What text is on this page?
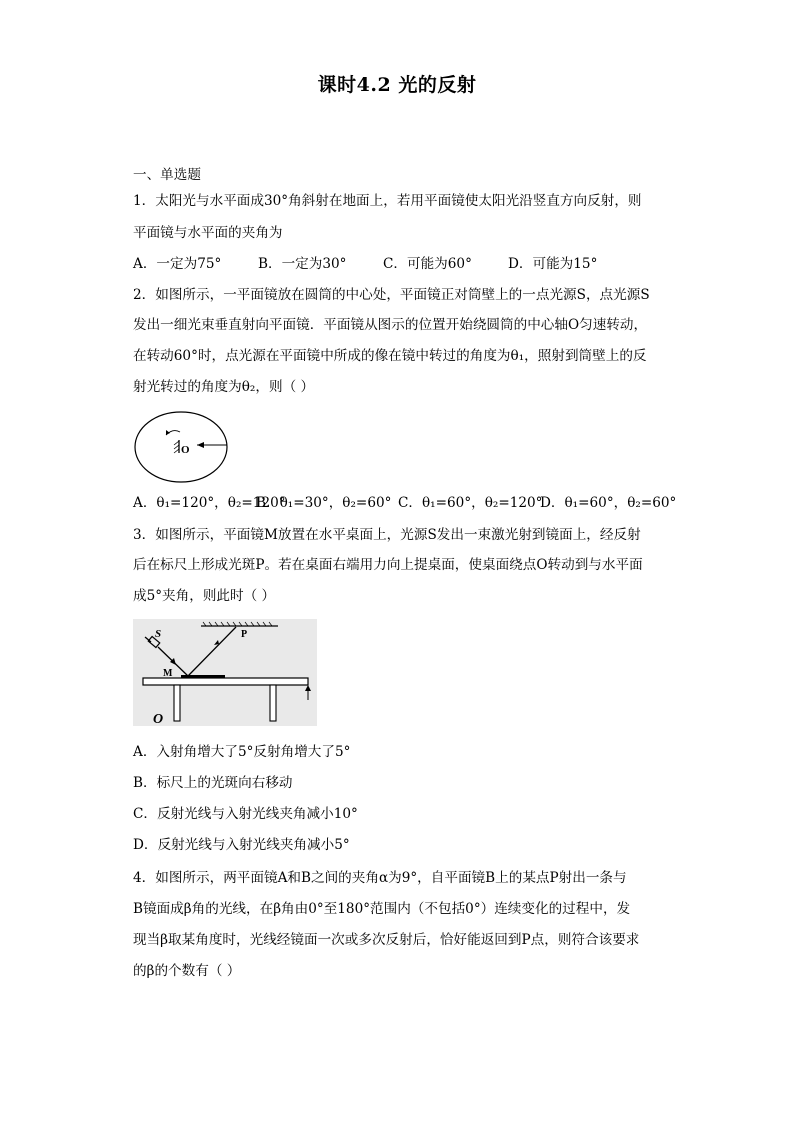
课时4.2 光的反射
一、单选题
1．太阳光与水平面成30°角斜射在地面上，若用平面镜使太阳光沿竖直方向反射，则
平面镜与水平面的夹角为
A．一定为75°	B．一定为30°	C．可能为60°	D．可能为15°
2．如图所示，一平面镜放在圆筒的中心处，平面镜正对筒壁上的一点光源S，点光源S
发出一细光束垂直射向平面镜．平面镜从图示的位置开始绕圆筒的中心轴O匀速转动，
在转动60°时，点光源在平面镜中所成的像在镜中转过的角度为θ₁，照射到筒壁上的反
射光转过的角度为θ₂，则（ ）
O
A．θ₁=120°，θ₂=120°B．θ₁=30°，θ₂=60° C．θ₁=60°，θ₂=120°D．θ₁=60°，θ₂=60°
3．如图所示，平面镜M放置在水平桌面上，光源S发出一束激光射到镜面上，经反射
后在标尺上形成光斑P。若在桌面右端用力向上提桌面，使桌面绕点O转动到与水平面
成5°夹角，则此时（ ）
S	P
M
O
A．入射角增大了5°反射角增大了5°
B．标尺上的光斑向右移动
C．反射光线与入射光线夹角减小10°
D．反射光线与入射光线夹角减小5°
4．如图所示，两平面镜A和B之间的夹角α为9°，自平面镜B上的某点P射出一条与
B镜面成β角的光线，在β角由0°至180°范围内（不包括0°）连续变化的过程中，发
现当β取某角度时，光线经镜面一次或多次反射后，恰好能返回到P点，则符合该要求
的β的个数有（ ）
